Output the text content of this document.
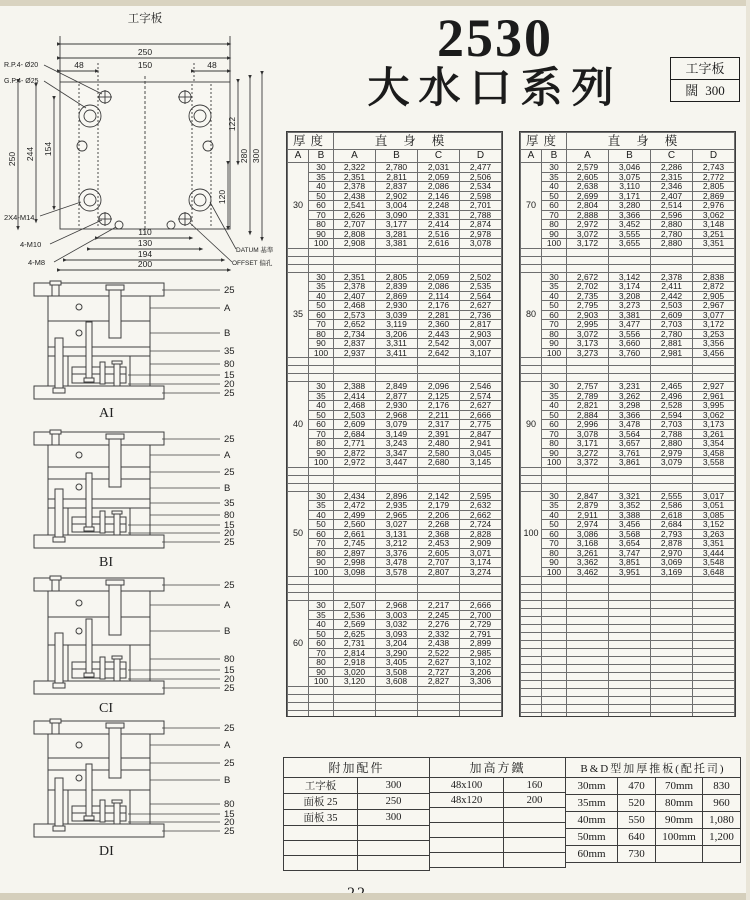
工字板
250
48	150	48
250 244 154
122
120
280 300
110
130
194
200
R.P.4- Ø20
G.P.4- Ø25
2X4-M14
4-M10
4-M8
DATUM 基準
OFFSET 偏孔
2530
大水口系列	工字板
闊 300
厚度		直身模			
A	B	A	B	C	D
30	30	2,322	2,780	2,031	2,477
	35	2,351	2,811	2,059	2,506
	40	2,378	2,837	2,086	2,534
	50	2,438	2,902	2,146	2,598
	60	2,541	3,004	2,248	2,701
	70	2,626	3,090	2,331	2,788
	80	2,707	3,177	2,414	2,874
	90	2,808	3,281	2,516	2,978
	100	2,908	3,381	2,616	3,078

35	30	2,351	2,805	2,059	2,502
	35	2,378	2,839	2,086	2,535
	40	2,407	2,869	2,114	2,564
	50	2,468	2,930	2,176	2,627
	60	2,573	3,039	2,281	2,736
	70	2,652	3,119	2,360	2,817
	80	2,734	3,206	2,443	2,903
	90	2,837	3,311	2,542	3,007
	100	2,937	3,411	2,642	3,107

40	30	2,388	2,849	2,096	2,546
	35	2,414	2,877	2,125	2,574
	40	2,468	2,930	2,176	2,627
	50	2,503	2,968	2,211	2,666
	60	2,609	3,079	2,317	2,775
	70	2,684	3,149	2,391	2,847
	80	2,771	3,243	2,480	2,941
	90	2,872	3,347	2,580	3,045
	100	2,972	3,447	2,680	3,145

50	30	2,434	2,896	2,142	2,595
	35	2,472	2,935	2,179	2,632
	40	2,499	2,965	2,206	2,662
	50	2,560	3,027	2,268	2,724
	60	2,661	3,131	2,368	2,828
	70	2,745	3,212	2,453	2,909
	80	2,897	3,376	2,605	3,071
	90	2,998	3,478	2,707	3,174
	100	3,098	3,578	2,807	3,274

60	30	2,507	2,968	2,217	2,666
	35	2,536	3,003	2,245	2,700
	40	2,569	3,032	2,276	2,729
	50	2,625	3,093	2,332	2,791
	60	2,731	3,204	2,438	2,899
	70	2,814	3,290	2,522	2,985
	80	2,918	3,405	2,627	3,102
	90	3,020	3,508	2,727	3,206
	100	3,120	3,608	2,827	3,306

厚度		直身模			
A	B	A	B	C	D
70	30	2,579	3,046	2,286	2,743
	35	2,605	3,075	2,315	2,772
	40	2,638	3,110	2,346	2,805
	50	2,699	3,171	2,407	2,869
	60	2,804	3,280	2,514	2,976
	70	2,888	3,366	2,596	3,062
	80	2,972	3,452	2,880	3,148
	90	3,072	3,555	2,780	3,251
	100	3,172	3,655	2,880	3,351

80	30	2,672	3,142	2,378	2,838
	35	2,702	3,174	2,411	2,872
	40	2,735	3,208	2,442	2,905
	50	2,795	3,273	2,503	2,967
	60	2,903	3,381	2,609	3,077
	70	2,995	3,477	2,703	3,172
	80	3,072	3,556	2,780	3,253
	90	3,173	3,660	2,881	3,356
	100	3,273	3,760	2,981	3,456

90	30	2,757	3,231	2,465	2,927
	35	2,789	3,262	2,496	2,961
	40	2,821	3,298	2,528	3,995
	50	2,884	3,366	2,594	3,062
	60	2,996	3,478	2,703	3,173
	70	3,078	3,564	2,788	3,261
	80	3,171	3,657	2,880	3,354
	90	3,272	3,761	2,979	3,458
	100	3,372	3,861	3,079	3,558

100	30	2,847	3,321	2,555	3,017
	35	2,879	3,352	2,586	3,051
	40	2,911	3,388	2,618	3,085
	50	2,974	3,456	2,684	3,152
	60	3,086	3,568	2,793	3,263
	70	3,168	3,654	2,878	3,351
	80	3,261	3,747	2,970	3,444
	90	3,362	3,851	3,069	3,548
	100	3,462	3,951	3,169	3,648

25
A
B
35
80
15
20
25
AI
25
A
25
B
35
80
15
20
25
BI
25
A
B
80
15
20
25
CI
25
A
25
B
80
15
20
25
DI
附加配件	
工字板	300
面板 25	250
面板 35	300

加高方鐵	
48x100	160
48x120	200

B&D型加厚推板(配托司)			
30mm	470	70mm	830
35mm	520	80mm	960
40mm	550	90mm	1,080
50mm	640	100mm	1,200
60mm	730		
